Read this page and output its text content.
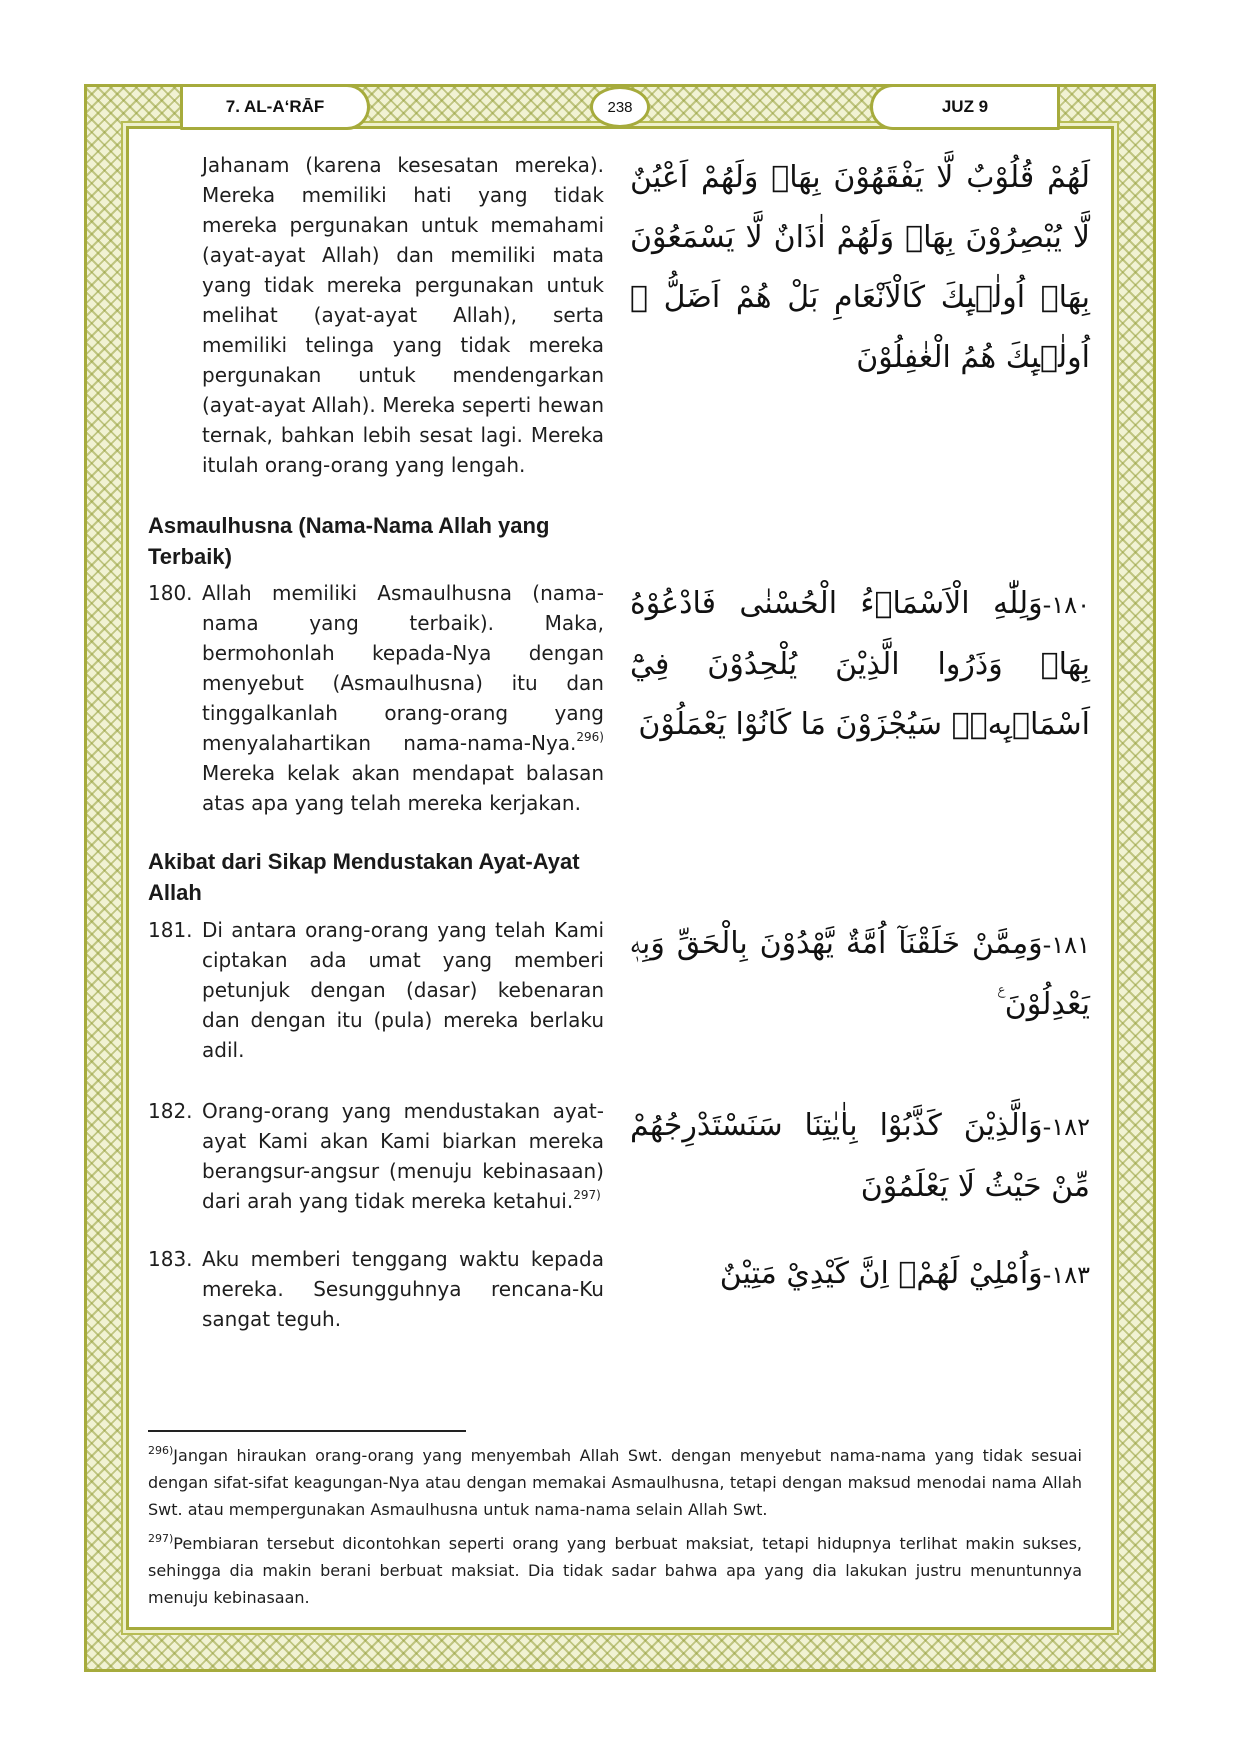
7. AL-A‘RĀF	238	JUZ 9
لَهُمْ قُلُوْبٌ لَّا يَفْقَهُوْنَ بِهَاۖ وَلَهُمْ اَعْيُنٌ لَّا يُبْصِرُوْنَ بِهَاۖ وَلَهُمْ اٰذَانٌ لَّا يَسْمَعُوْنَ بِهَاۗ اُولٰۤىِٕكَ كَالْاَنْعَامِ بَلْ هُمْ اَضَلُّ ۗ اُولٰۤىِٕكَ هُمُ الْغٰفِلُوْنَ
Jahanam (karena kesesatan mereka). Mereka memiliki hati yang tidak mereka pergunakan untuk memahami (ayat-ayat Allah) dan memiliki mata yang tidak mereka pergunakan untuk melihat (ayat-ayat Allah), serta memiliki telinga yang tidak mereka pergunakan untuk mendengarkan (ayat-ayat Allah). Mereka seperti hewan ternak, bahkan lebih sesat lagi. Mereka itulah orang-orang yang lengah.
Asmaulhusna (Nama-Nama Allah yang Terbaik)
١٨٠-وَلِلّٰهِ الْاَسْمَاۤءُ الْحُسْنٰى فَادْعُوْهُ بِهَاۖ وَذَرُوا الَّذِيْنَ يُلْحِدُوْنَ فِيْٓ اَسْمَاۤىِٕهٖۗ سَيُجْزَوْنَ مَا كَانُوْا يَعْمَلُوْنَ
180. Allah memiliki Asmaulhusna (nama-nama yang terbaik). Maka, bermohonlah kepada-Nya dengan menyebut (Asmaulhusna) itu dan tinggalkanlah orang-orang yang menyalahartikan nama-nama-Nya.$^{296)}$ Mereka kelak akan mendapat balasan atas apa yang telah mereka kerjakan.
Akibat dari Sikap Mendustakan Ayat-Ayat Allah
١٨١-وَمِمَّنْ خَلَقْنَآ اُمَّةٌ يَّهْدُوْنَ بِالْحَقِّ وَبِهٖ يَعْدِلُوْنَ ࣖ
181. Di antara orang-orang yang telah Kami ciptakan ada umat yang memberi petunjuk dengan (dasar) kebenaran dan dengan itu (pula) mereka berlaku adil.
١٨٢-وَالَّذِيْنَ كَذَّبُوْا بِاٰيٰتِنَا سَنَسْتَدْرِجُهُمْ مِّنْ حَيْثُ لَا يَعْلَمُوْنَ
182. Orang-orang yang mendustakan ayat-ayat Kami akan Kami biarkan mereka berangsur-angsur (menuju kebinasaan) dari arah yang tidak mereka ketahui.$^{297)}$
١٨٣-وَاُمْلِيْ لَهُمْۗ اِنَّ كَيْدِيْ مَتِيْنٌ
183. Aku memberi tenggang waktu kepada mereka. Sesungguhnya rencana-Ku sangat teguh.
$^{296)}$Jangan hiraukan orang-orang yang menyembah Allah Swt. dengan menyebut nama-nama yang tidak sesuai dengan sifat-sifat keagungan-Nya atau dengan memakai Asmaulhusna, tetapi dengan maksud menodai nama Allah Swt. atau mempergunakan Asmaulhusna untuk nama-nama selain Allah Swt.
$^{297)}$Pembiaran tersebut dicontohkan seperti orang yang berbuat maksiat, tetapi hidupnya terlihat makin sukses, sehingga dia makin berani berbuat maksiat. Dia tidak sadar bahwa apa yang dia lakukan justru menuntunnya menuju kebinasaan.
